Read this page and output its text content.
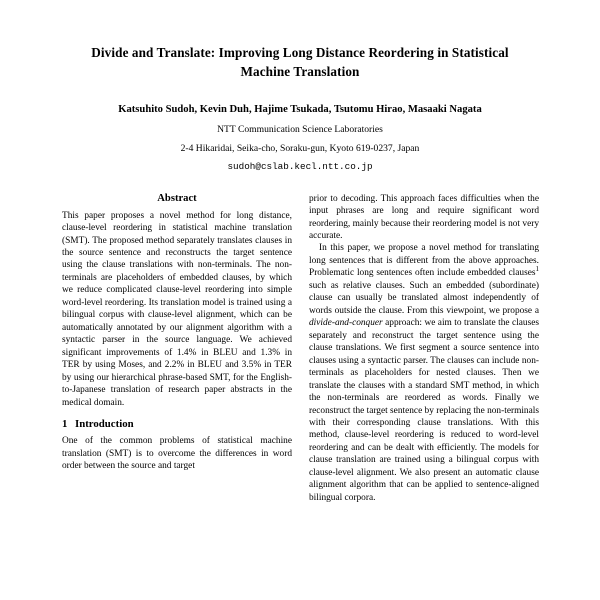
Divide and Translate: Improving Long Distance Reordering in Statistical Machine Translation
Katsuhito Sudoh, Kevin Duh, Hajime Tsukada, Tsutomu Hirao, Masaaki Nagata
NTT Communication Science Laboratories
2-4 Hikaridai, Seika-cho, Soraku-gun, Kyoto 619-0237, Japan
sudoh@cslab.kecl.ntt.co.jp
Abstract

This paper proposes a novel method for long distance, clause-level reordering in statistical machine translation (SMT). The proposed method separately translates clauses in the source sentence and reconstructs the target sentence using the clause translations with non-terminals. The non-terminals are placeholders of embedded clauses, by which we reduce complicated clause-level reordering into simple word-level reordering. Its translation model is trained using a bilingual corpus with clause-level alignment, which can be automatically annotated by our alignment algorithm with a syntactic parser in the source language. We achieved significant improvements of 1.4% in BLEU and 1.3% in TER by using Moses, and 2.2% in BLEU and 3.5% in TER by using our hierarchical phrase-based SMT, for the English-to-Japanese translation of research paper abstracts in the medical domain.

1 Introduction

One of the common problems of statistical machine translation (SMT) is to overcome the differences in word order between the source and target

prior to decoding. This approach faces difficulties when the input phrases are long and require significant word reordering, mainly because their reordering model is not very accurate.

In this paper, we propose a novel method for translating long sentences that is different from the above approaches. Problematic long sentences often include embedded clauses$^1$ such as relative clauses. Such an embedded (subordinate) clause can usually be translated almost independently of words outside the clause. From this viewpoint, we propose a divide-and-conquer approach: we aim to translate the clauses separately and reconstruct the target sentence using the clause translations. We first segment a source sentence into clauses using a syntactic parser. The clauses can include non-terminals as placeholders for nested clauses. Then we translate the clauses with a standard SMT method, in which the non-terminals are reordered as words. Finally we reconstruct the target sentence by replacing the non-terminals with their corresponding clause translations. With this method, clause-level reordering is reduced to word-level reordering and can be dealt with efficiently. The models for clause translation are trained using a bilingual corpus with clause-level alignment. We also present an automatic clause alignment algorithm that can be applied to sentence-aligned bilingual corpora.
